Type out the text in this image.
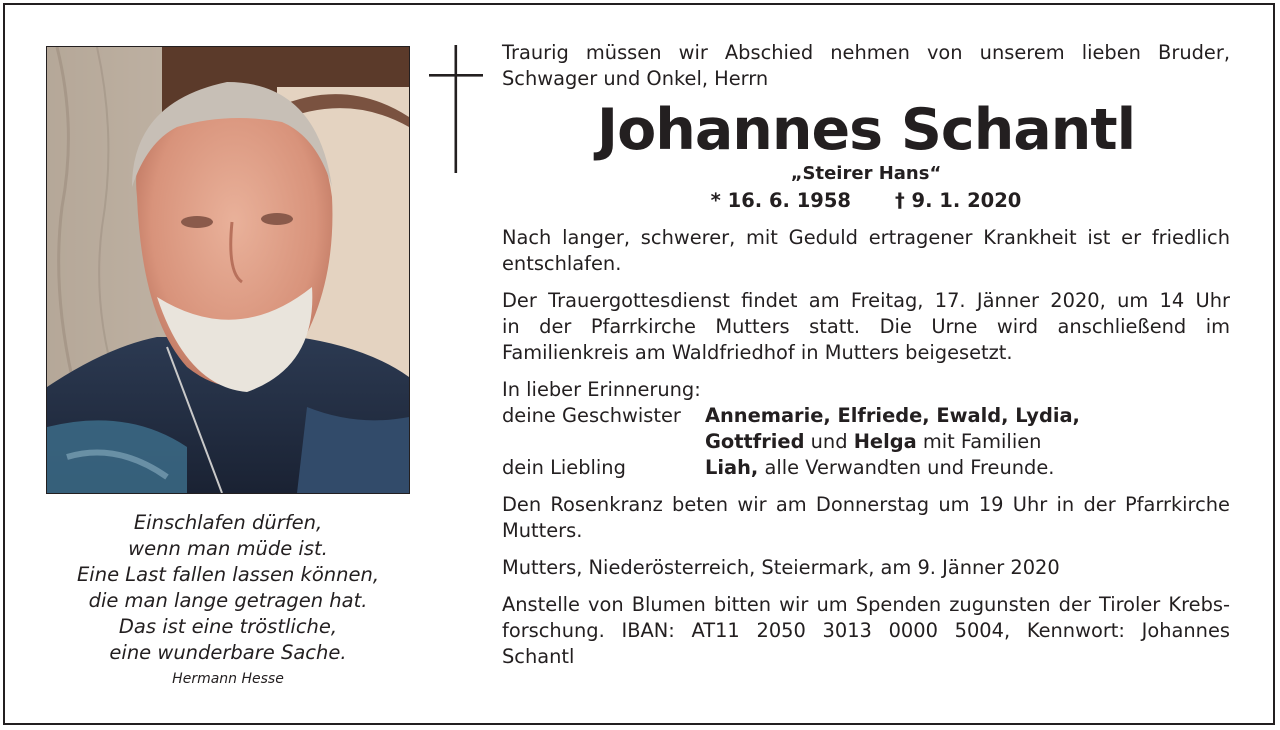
Einschlafen dürfen,
wenn man müde ist.
Eine Last fallen lassen können,
die man lange getragen hat.
Das ist eine tröstliche,
eine wunderbare Sache.
Hermann Hesse

Traurig müssen wir Abschied nehmen von unserem lieben Bruder,

Schwager und Onkel, Herrn

Johannes Schantl
„Steirer Hans“
* 16. 6. 1958 † 9. 1. 2020

Nach langer, schwerer, mit Geduld ertragener Krankheit ist er friedlich

entschlafen.

Der Trauergottesdienst findet am Freitag, 17. Jänner 2020, um 14 Uhr

in der Pfarrkirche Mutters statt. Die Urne wird anschließend im

Familienkreis am Waldfriedhof in Mutters beigesetzt.

In lieber Erinnerung:
deine Geschwister	Annemarie, Elfriede, Ewald, Lydia,
	Gottfried und Helga mit Familien
dein Liebling	Liah, alle Verwandten und Freunde.

Den Rosenkranz beten wir am Donnerstag um 19 Uhr in der Pfarrkirche

Mutters.

Mutters, Niederösterreich, Steiermark, am 9. Jänner 2020

Anstelle von Blumen bitten wir um Spenden zugunsten der Tiroler Krebs-

forschung. IBAN: AT11 2050 3013 0000 5004, Kennwort: Johannes

Schantl
